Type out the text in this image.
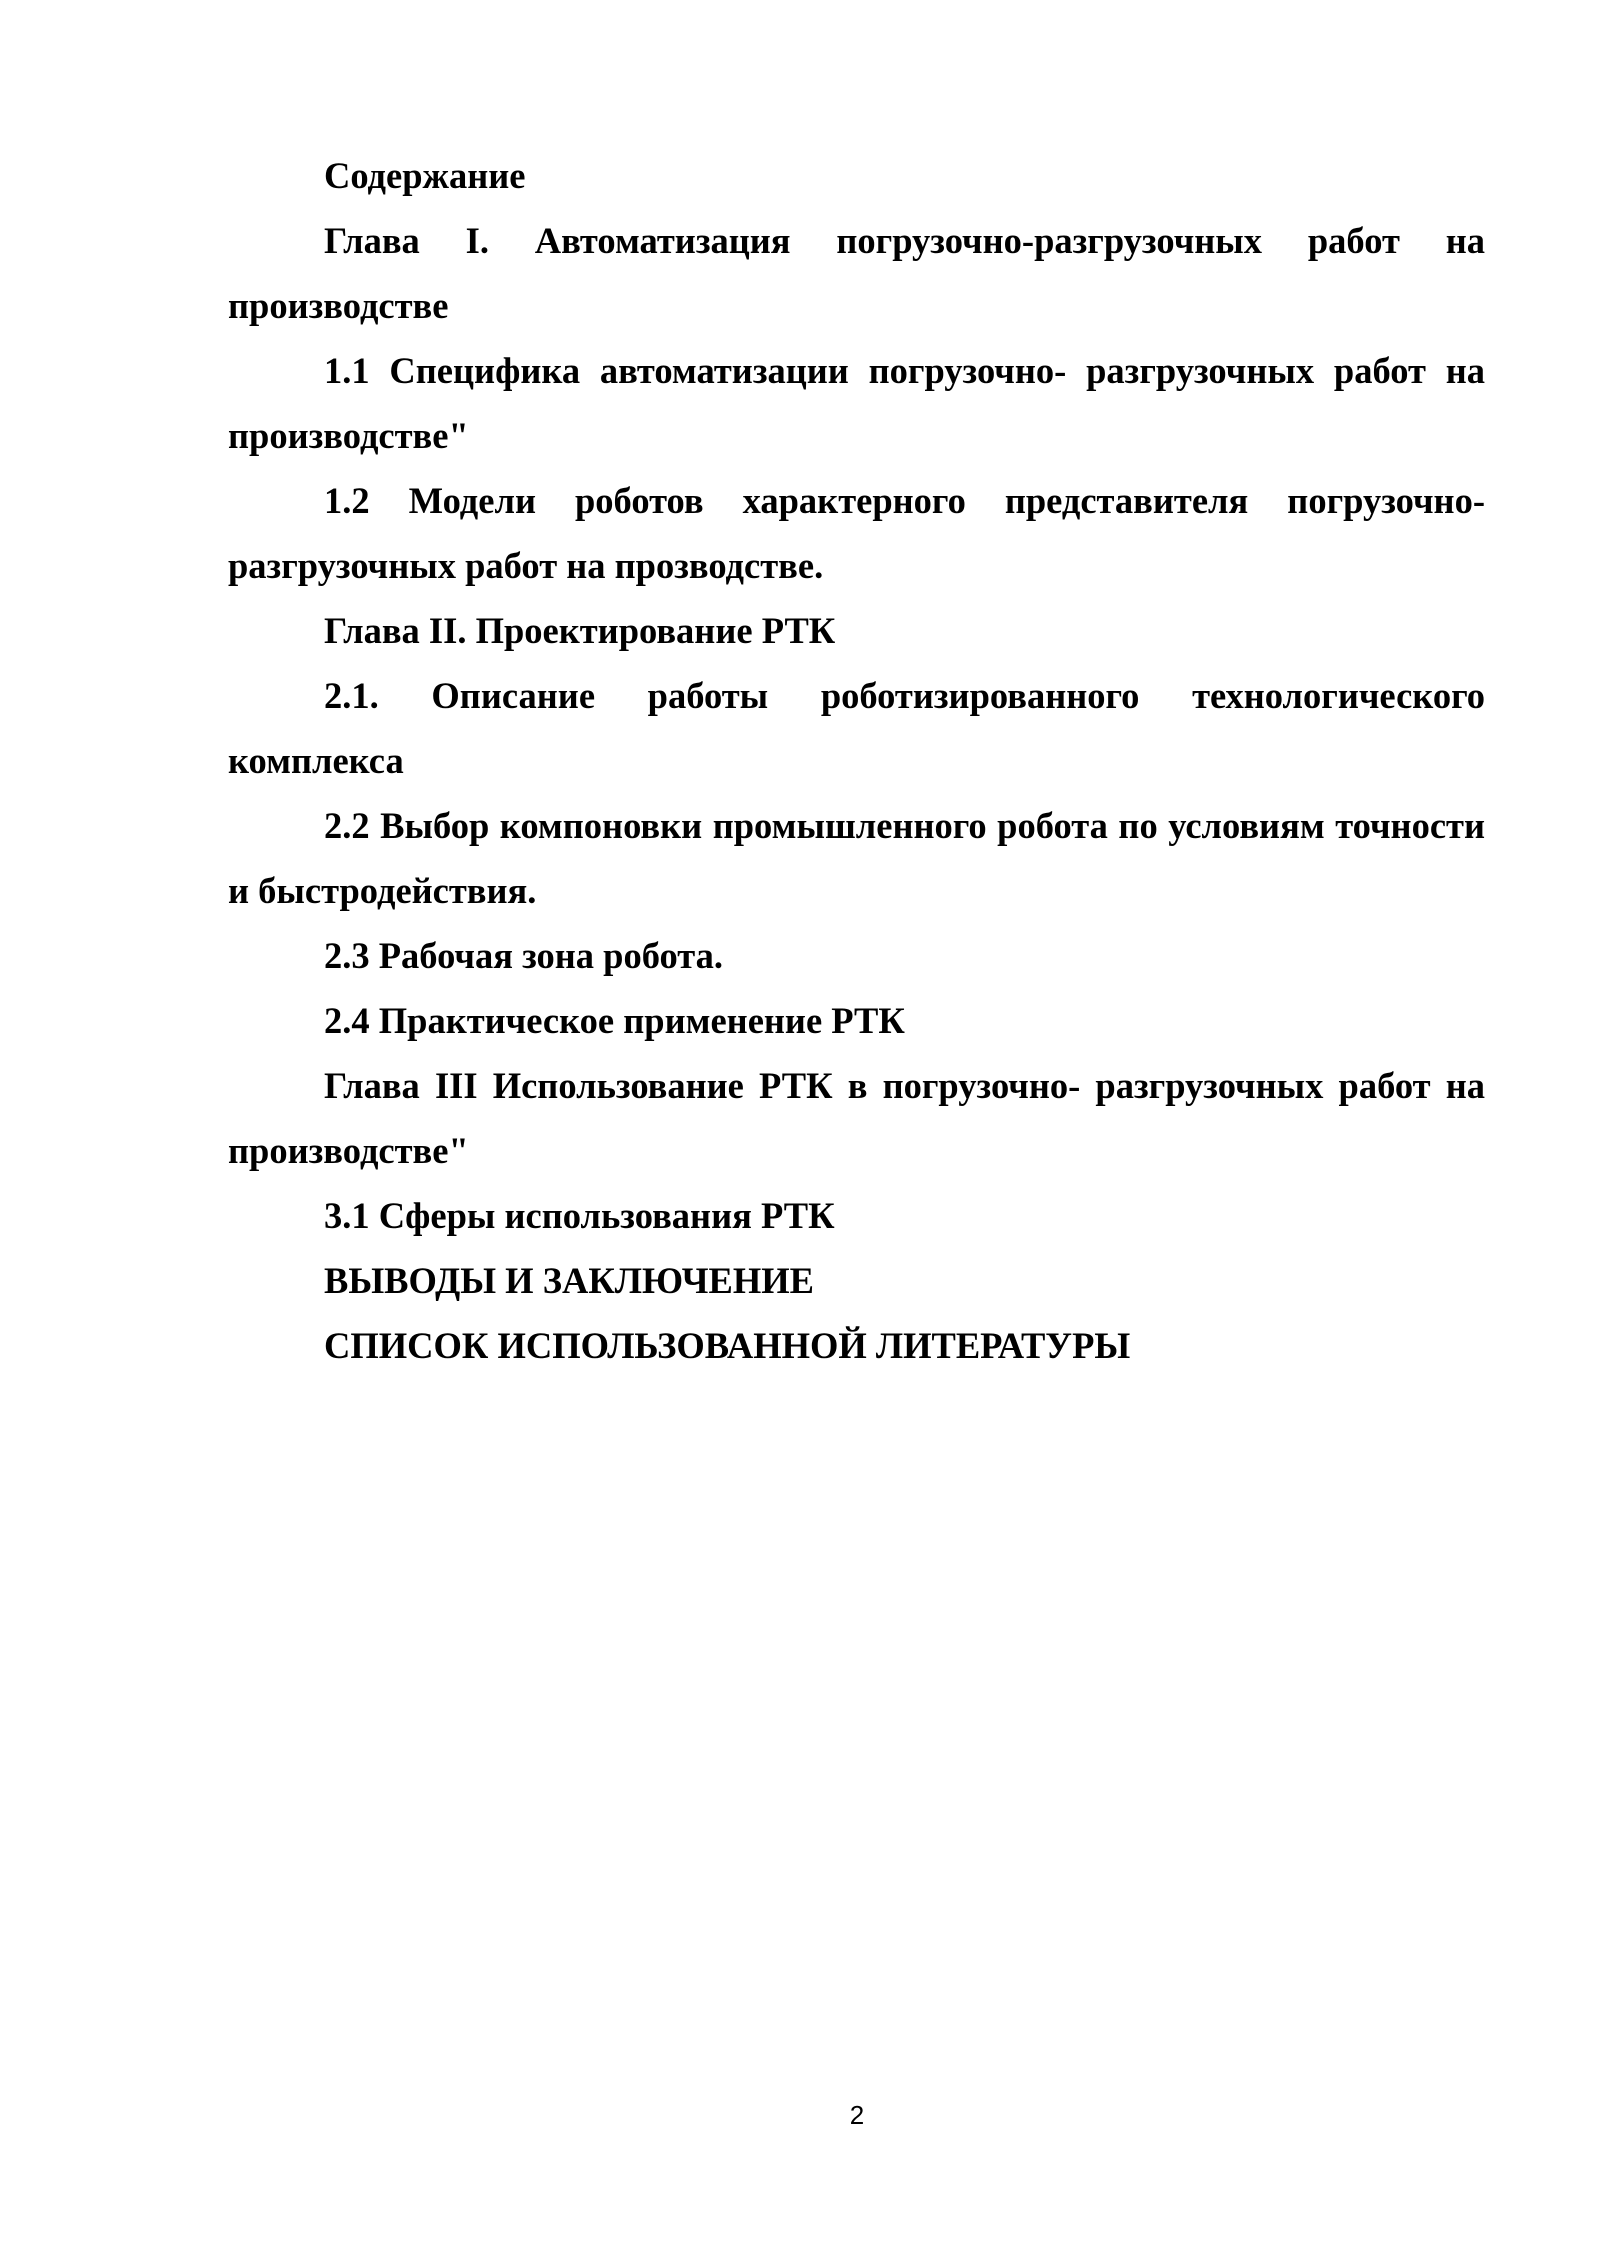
Содержание

Глава I. Автоматизация погрузочно-разгрузочных работ на производстве

1.1 Специфика автоматизации погрузочно- разгрузочных работ на производстве"

1.2 Модели роботов характерного представителя погрузочно-разгрузочных работ на прозводстве.

Глава II. Проектирование РТК

2.1. Описание работы роботизированного технологического комплекса

2.2 Выбор компоновки промышленного робота по условиям точности и быстродействия.

2.3 Рабочая зона робота.

2.4 Практическое применение РТК

Глава III Использование РТК в погрузочно- разгрузочных работ на производстве"

3.1 Сферы использования РТК

ВЫВОДЫ И ЗАКЛЮЧЕНИЕ

СПИСОК ИСПОЛЬЗОВАННОЙ ЛИТЕРАТУРЫ

2
